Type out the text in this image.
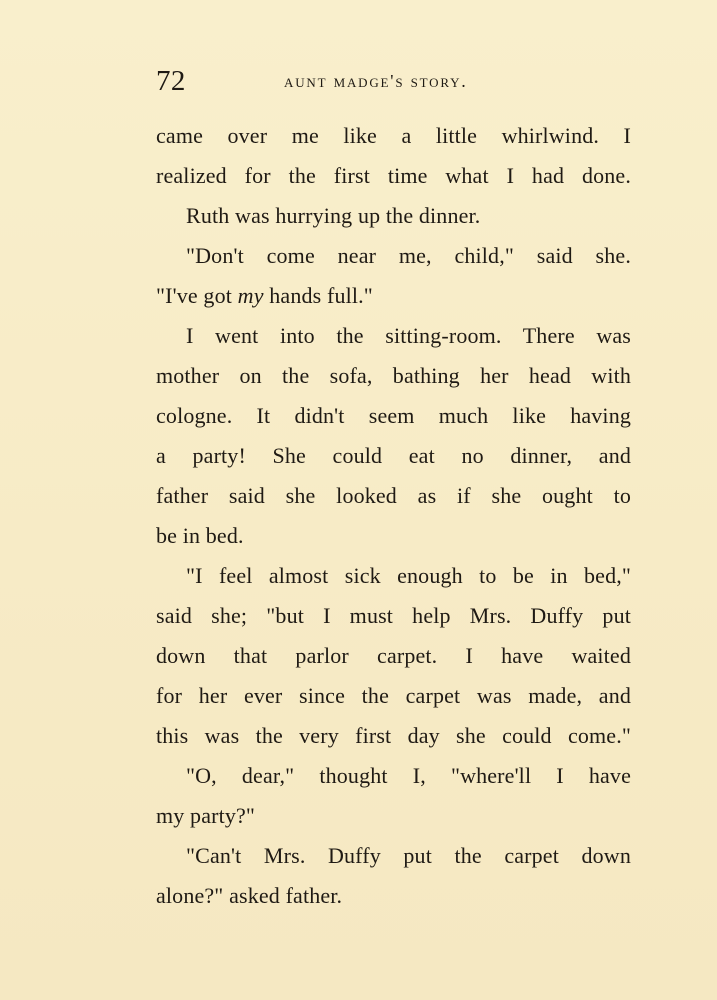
72	aunt madge's story.
came over me like a little whirlwind. I
realized for the first time what I had done.
Ruth was hurrying up the dinner.
"Don't come near me, child," said she.
"I've got my hands full."
I went into the sitting-room. There was
mother on the sofa, bathing her head with
cologne. It didn't seem much like having
a party! She could eat no dinner, and
father said she looked as if she ought to
be in bed.
"I feel almost sick enough to be in bed,"
said she; "but I must help Mrs. Duffy put
down that parlor carpet. I have waited
for her ever since the carpet was made, and
this was the very first day she could come."
"O, dear," thought I, "where'll I have
my party?"
"Can't Mrs. Duffy put the carpet down
alone?" asked father.
